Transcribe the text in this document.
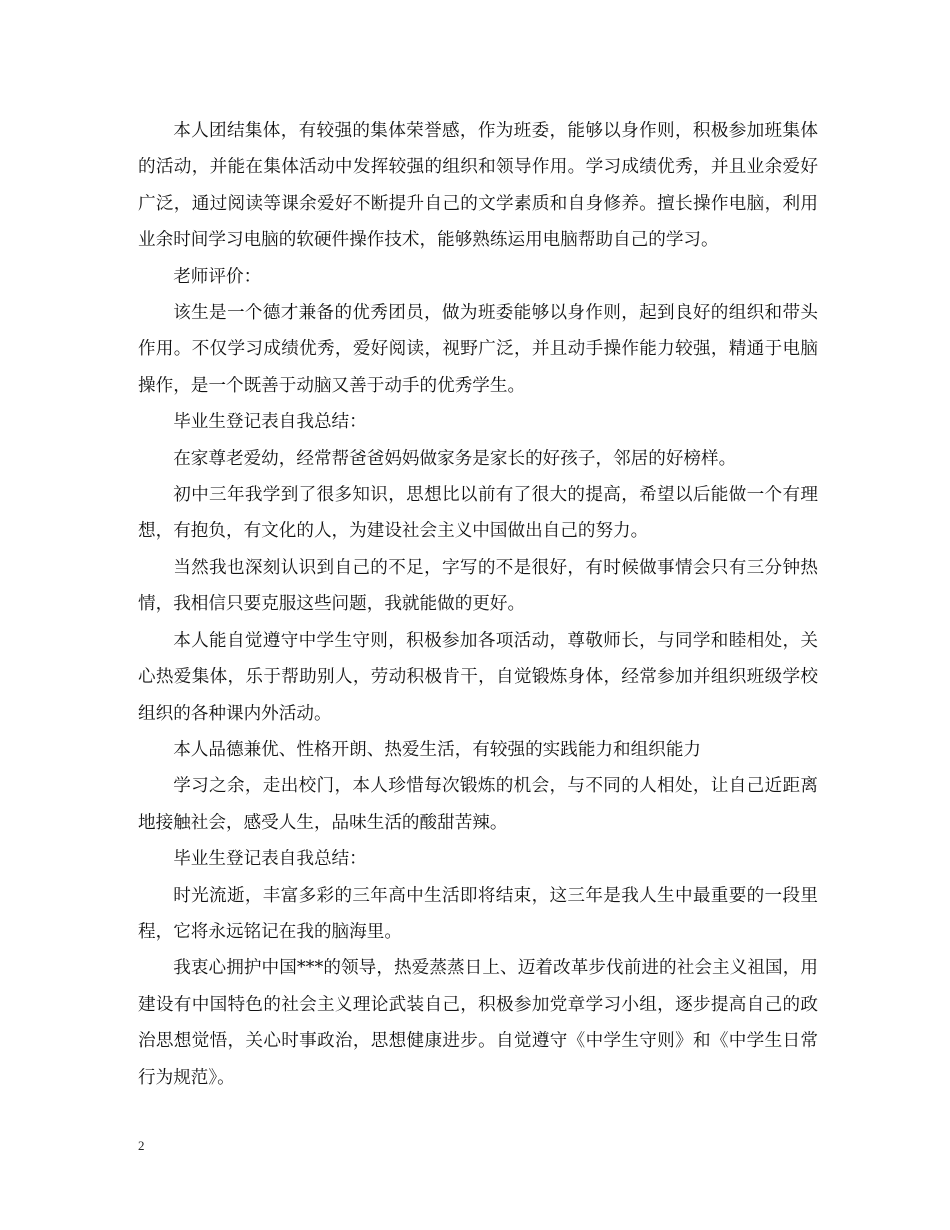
本人团结集体，有较强的集体荣誉感，作为班委，能够以身作则，积极参加班集体的活动，并能在集体活动中发挥较强的组织和领导作用。学习成绩优秀，并且业余爱好广泛，通过阅读等课余爱好不断提升自己的文学素质和自身修养。擅长操作电脑，利用业余时间学习电脑的软硬件操作技术，能够熟练运用电脑帮助自己的学习。

老师评价：

该生是一个德才兼备的优秀团员，做为班委能够以身作则，起到良好的组织和带头作用。不仅学习成绩优秀，爱好阅读，视野广泛，并且动手操作能力较强，精通于电脑操作，是一个既善于动脑又善于动手的优秀学生。

毕业生登记表自我总结：

在家尊老爱幼，经常帮爸爸妈妈做家务是家长的好孩子，邻居的好榜样。

初中三年我学到了很多知识，思想比以前有了很大的提高，希望以后能做一个有理想，有抱负，有文化的人，为建设社会主义中国做出自己的努力。

当然我也深刻认识到自己的不足，字写的不是很好，有时候做事情会只有三分钟热情，我相信只要克服这些问题，我就能做的更好。

本人能自觉遵守中学生守则，积极参加各项活动，尊敬师长，与同学和睦相处，关心热爱集体，乐于帮助别人，劳动积极肯干，自觉锻炼身体，经常参加并组织班级学校组织的各种课内外活动。

本人品德兼优、性格开朗、热爱生活，有较强的实践能力和组织能力

学习之余，走出校门，本人珍惜每次锻炼的机会，与不同的人相处，让自己近距离地接触社会，感受人生，品味生活的酸甜苦辣。

毕业生登记表自我总结：

时光流逝，丰富多彩的三年高中生活即将结束，这三年是我人生中最重要的一段里程，它将永远铭记在我的脑海里。

我衷心拥护中国***的领导，热爱蒸蒸日上、迈着改革步伐前进的社会主义祖国，用建设有中国特色的社会主义理论武装自己，积极参加党章学习小组，逐步提高自己的政治思想觉悟，关心时事政治，思想健康进步。自觉遵守《中学生守则》和《中学生日常行为规范》。

2
